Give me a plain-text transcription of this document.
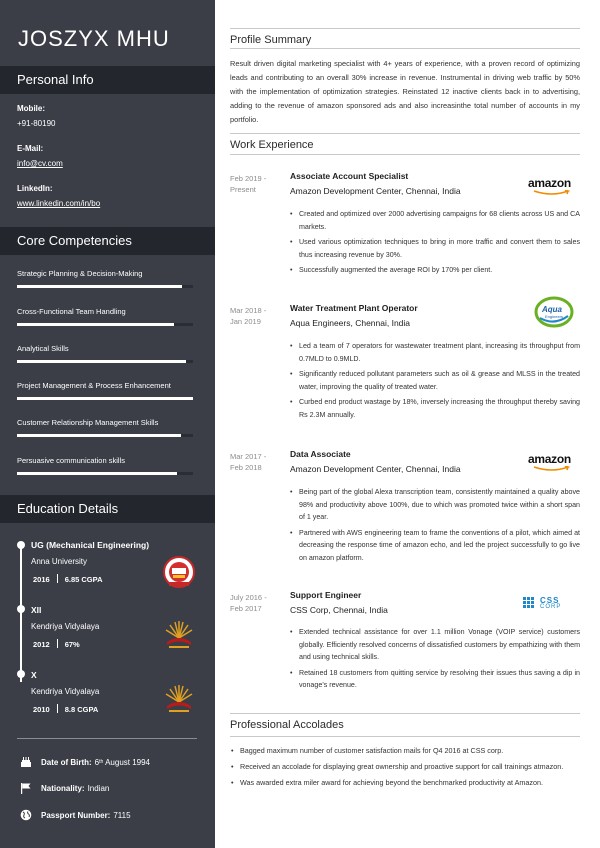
JOSZYX MHU
Personal Info
Mobile:
+91-80190
E-Mail:
info@cv.com
LinkedIn:
www.linkedin.com/in/bo
Core Competencies
Strategic Planning & Decision-Making
Cross-Functional Team Handling
Analytical Skills
Project Management & Process Enhancement
Customer Relationship Management Skills
Persuasive communication skills
Education Details
UG (Mechanical Engineering)
Anna University
2016 6.85 CGPA
XII
Kendriya Vidyalaya
2012 67%
X
Kendriya Vidyalaya
2010 8.8 CGPA
Date of Birth: 6 th August 1994
Nationality: Indian
Passport Number: 7115
Profile Summary
Result driven digital marketing specialist with 4+ years of experience, with a proven record of optimizing leads and contributing to an overall 30% increase in revenue. Instrumental in driving web traffic by 50% with the implementation of optimization strategies. Reinstated 12 inactive clients back in to advertising, adding to the revenue of amazon sponsored ads and also increasinthe total number of accounts in my portfolio.
Work Experience
Feb 2019 -
Present
Associate Account Specialist
Amazon Development Center, Chennai, India
amazon
• Created and optimized over 2000 advertising campaigns for 68 clients across US and CA markets.
• Used various optimization techniques to bring in more traffic and convert them to sales thus increasing revenue by 30%.
• Successfully augmented the average ROI by 170% per client.
Mar 2018 -
Jan 2019
Water Treatment Plant Operator
Aqua Engineers, Chennai, India
Aqua
Engineers
• Led a team of 7 operators for wastewater treatment plant, increasing its throughput from 0.7MLD to 0.9MLD.
• Significantly reduced pollutant parameters such as oil & grease and MLSS in the treated water, improving the quality of treated water.
• Curbed end product wastage by 18%, inversely increasing the throughput thereby saving Rs 2.3M annually.
Mar 2017 -
Feb 2018
Data Associate
Amazon Development Center, Chennai, India
amazon
• Being part of the global Alexa transcription team, consistently maintained a quality above 98% and productivity above 100%, due to which was promoted twice within a short span of 1 year.
• Partnered with AWS engineering team to frame the conventions of a pilot, which aimed at decreasing the response time of amazon echo, and led the project successfully to go live on amazon platform.
July 2016 -
Feb 2017
Support Engineer
CSS Corp, Chennai, India
CSS
CORP
• Extended technical assistance for over 1.1 million Vonage (VOIP service) customers globally. Efficiently resolved concerns of dissatisfied customers by empathizing with them and using technical skills.
• Retained 18 customers from quitting service by resolving their issues thus saving a dip in vonage’s revenue.
Professional Accolades
• Bagged maximum number of customer satisfaction mails for Q4 2016 at CSS corp.
• Received an accolade for displaying great ownership and proactive support for call trainings atmazon.
• Was awarded extra miler award for achieving beyond the benchmarked productivity at Amazon.
